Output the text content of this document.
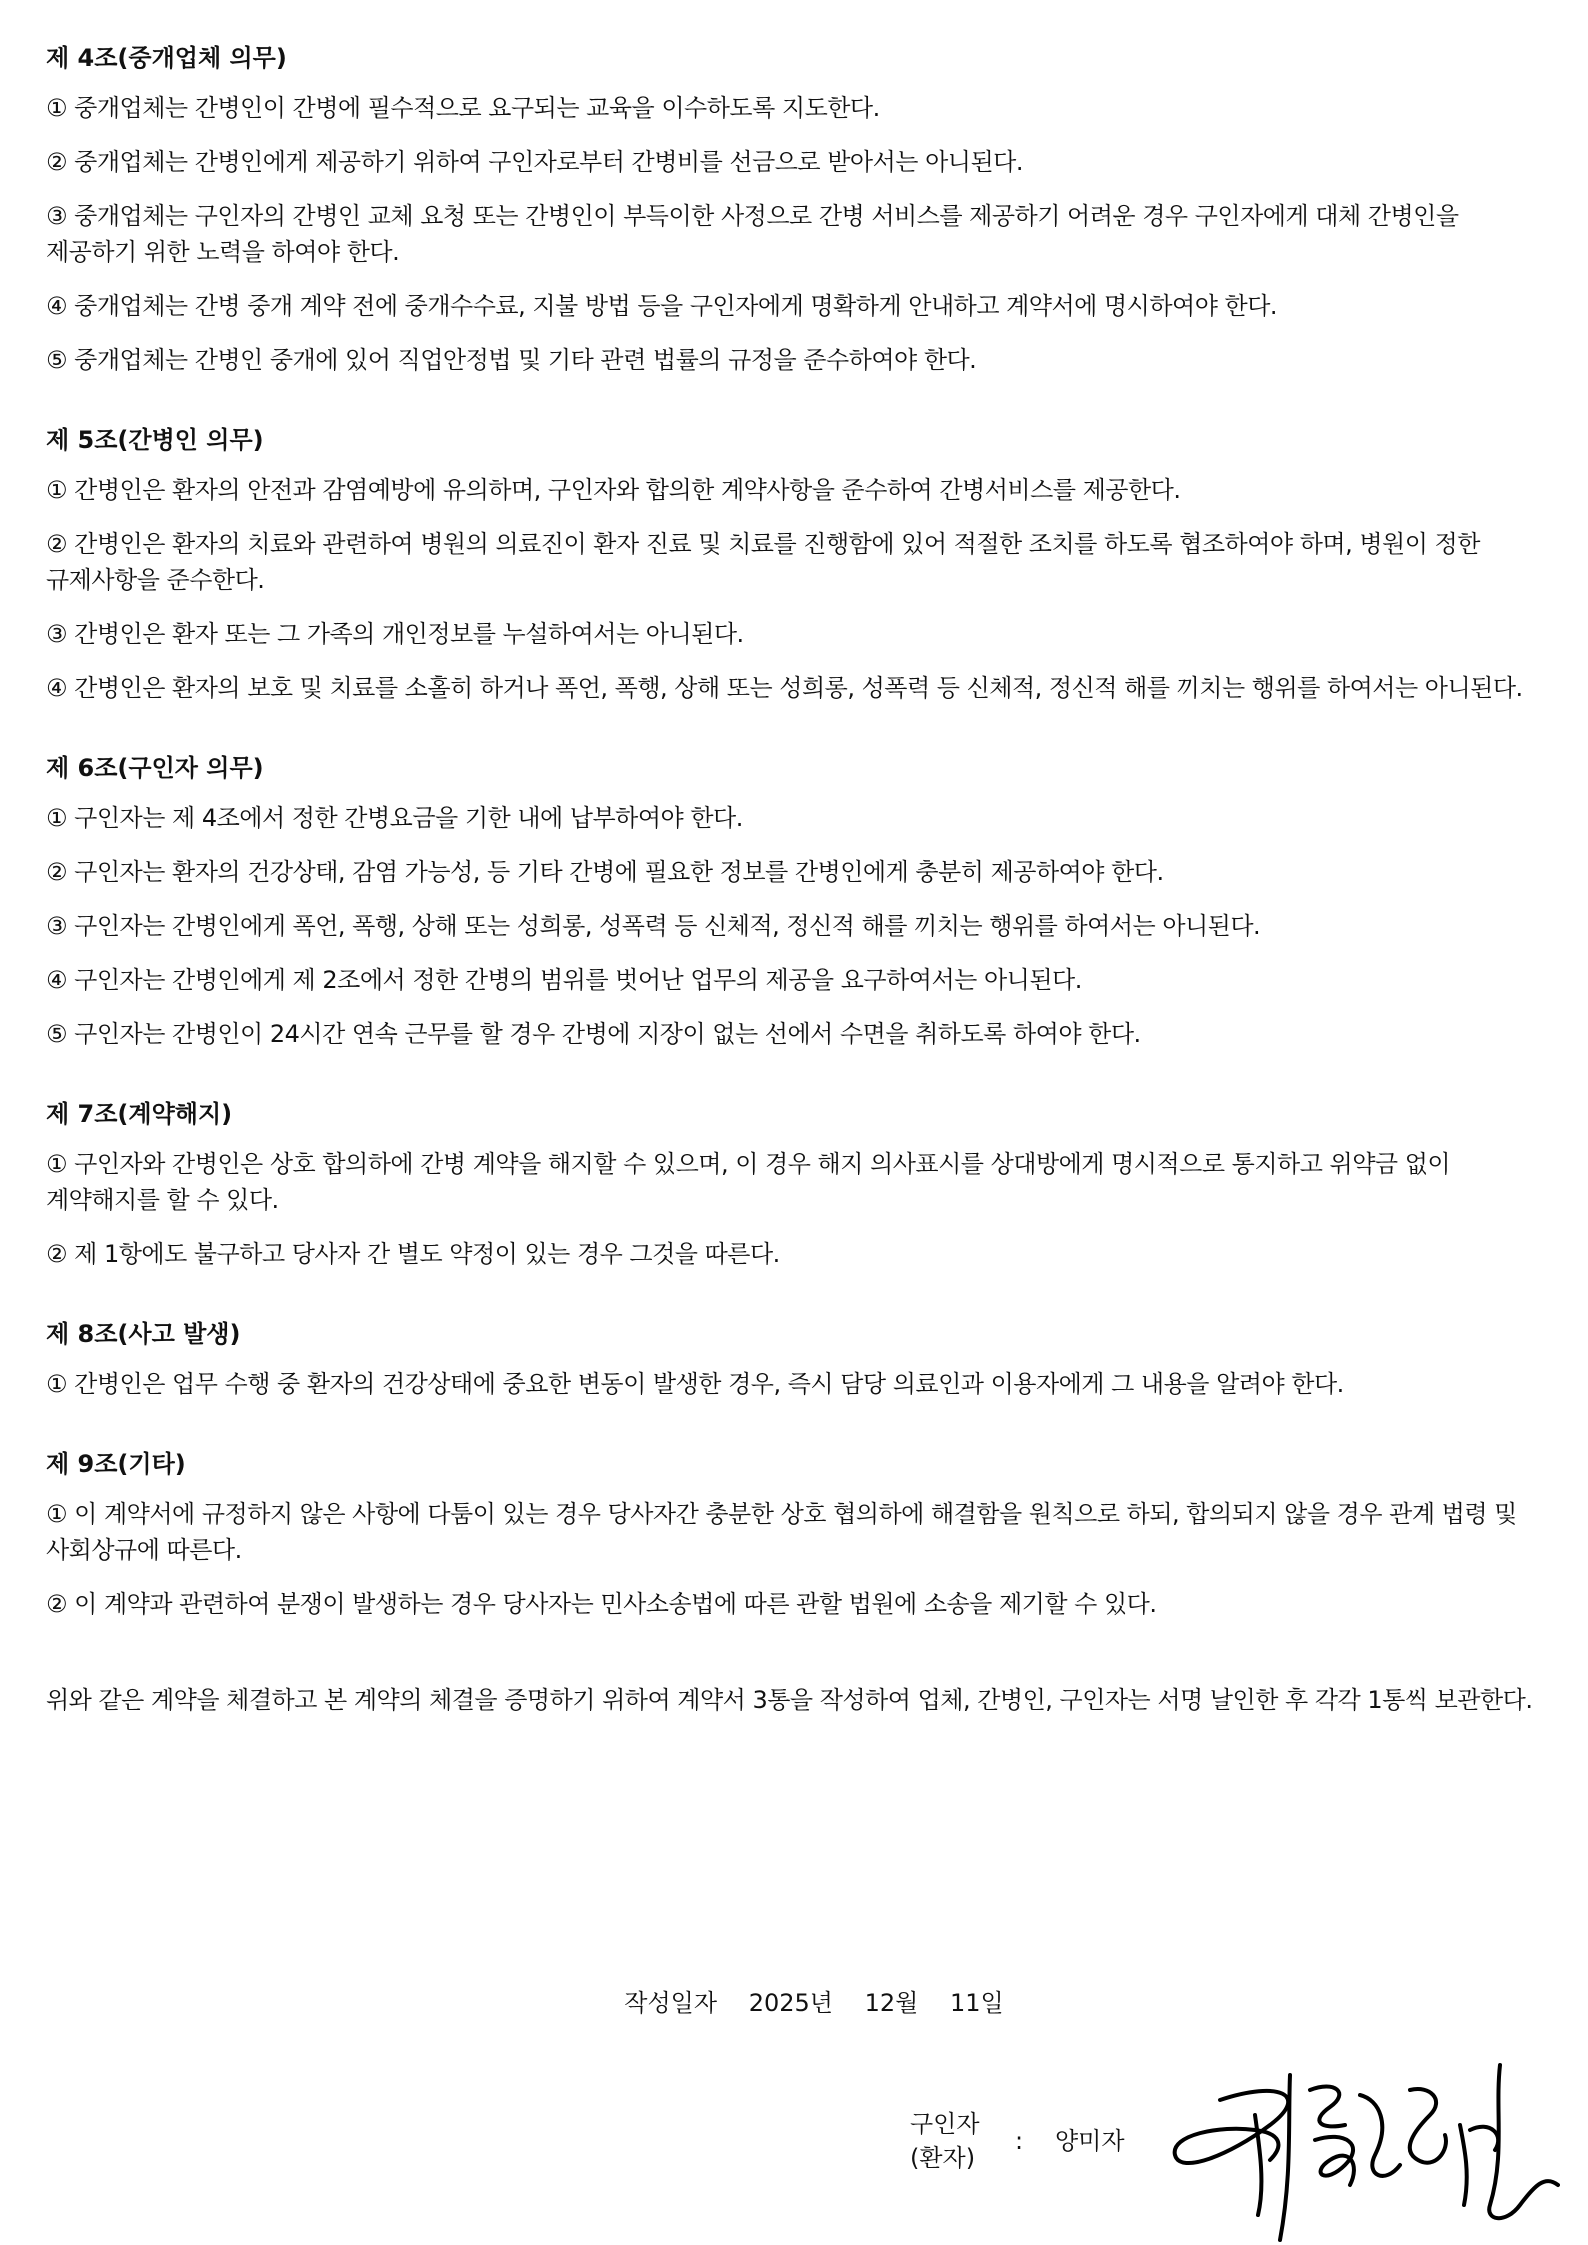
제 4조(중개업체 의무)
① 중개업체는 간병인이 간병에 필수적으로 요구되는 교육을 이수하도록 지도한다.
② 중개업체는 간병인에게 제공하기 위하여 구인자로부터 간병비를 선금으로 받아서는 아니된다.
③ 중개업체는 구인자의 간병인 교체 요청 또는 간병인이 부득이한 사정으로 간병 서비스를 제공하기 어려운 경우 구인자에게 대체 간병인을 제공하기 위한 노력을 하여야 한다.
④ 중개업체는 간병 중개 계약 전에 중개수수료, 지불 방법 등을 구인자에게 명확하게 안내하고 계약서에 명시하여야 한다.
⑤ 중개업체는 간병인 중개에 있어 직업안정법 및 기타 관련 법률의 규정을 준수하여야 한다.
제 5조(간병인 의무)
① 간병인은 환자의 안전과 감염예방에 유의하며, 구인자와 합의한 계약사항을 준수하여 간병서비스를 제공한다.
② 간병인은 환자의 치료와 관련하여 병원의 의료진이 환자 진료 및 치료를 진행함에 있어 적절한 조치를 하도록 협조하여야 하며, 병원이 정한 규제사항을 준수한다.
③ 간병인은 환자 또는 그 가족의 개인정보를 누설하여서는 아니된다.
④ 간병인은 환자의 보호 및 치료를 소홀히 하거나 폭언, 폭행, 상해 또는 성희롱, 성폭력 등 신체적, 정신적 해를 끼치는 행위를 하여서는 아니된다.
제 6조(구인자 의무)
① 구인자는 제 4조에서 정한 간병요금을 기한 내에 납부하여야 한다.
② 구인자는 환자의 건강상태, 감염 가능성, 등 기타 간병에 필요한 정보를 간병인에게 충분히 제공하여야 한다.
③ 구인자는 간병인에게 폭언, 폭행, 상해 또는 성희롱, 성폭력 등 신체적, 정신적 해를 끼치는 행위를 하여서는 아니된다.
④ 구인자는 간병인에게 제 2조에서 정한 간병의 범위를 벗어난 업무의 제공을 요구하여서는 아니된다.
⑤ 구인자는 간병인이 24시간 연속 근무를 할 경우 간병에 지장이 없는 선에서 수면을 취하도록 하여야 한다.
제 7조(계약해지)
① 구인자와 간병인은 상호 합의하에 간병 계약을 해지할 수 있으며, 이 경우 해지 의사표시를 상대방에게 명시적으로 통지하고 위약금 없이 계약해지를 할 수 있다.
② 제 1항에도 불구하고 당사자 간 별도 약정이 있는 경우 그것을 따른다.
제 8조(사고 발생)
① 간병인은 업무 수행 중 환자의 건강상태에 중요한 변동이 발생한 경우, 즉시 담당 의료인과 이용자에게 그 내용을 알려야 한다.
제 9조(기타)
① 이 계약서에 규정하지 않은 사항에 다툼이 있는 경우 당사자간 충분한 상호 협의하에 해결함을 원칙으로 하되, 합의되지 않을 경우 관계 법령 및 사회상규에 따른다.
② 이 계약과 관련하여 분쟁이 발생하는 경우 당사자는 민사소송법에 따른 관할 법원에 소송을 제기할 수 있다.
위와 같은 계약을 체결하고 본 계약의 체결을 증명하기 위하여 계약서 3통을 작성하여 업체, 간병인, 구인자는 서명 날인한 후 각각 1통씩 보관한다.
작성일자 2025년 12월 11일
구인자
(환자)
: 양미자
